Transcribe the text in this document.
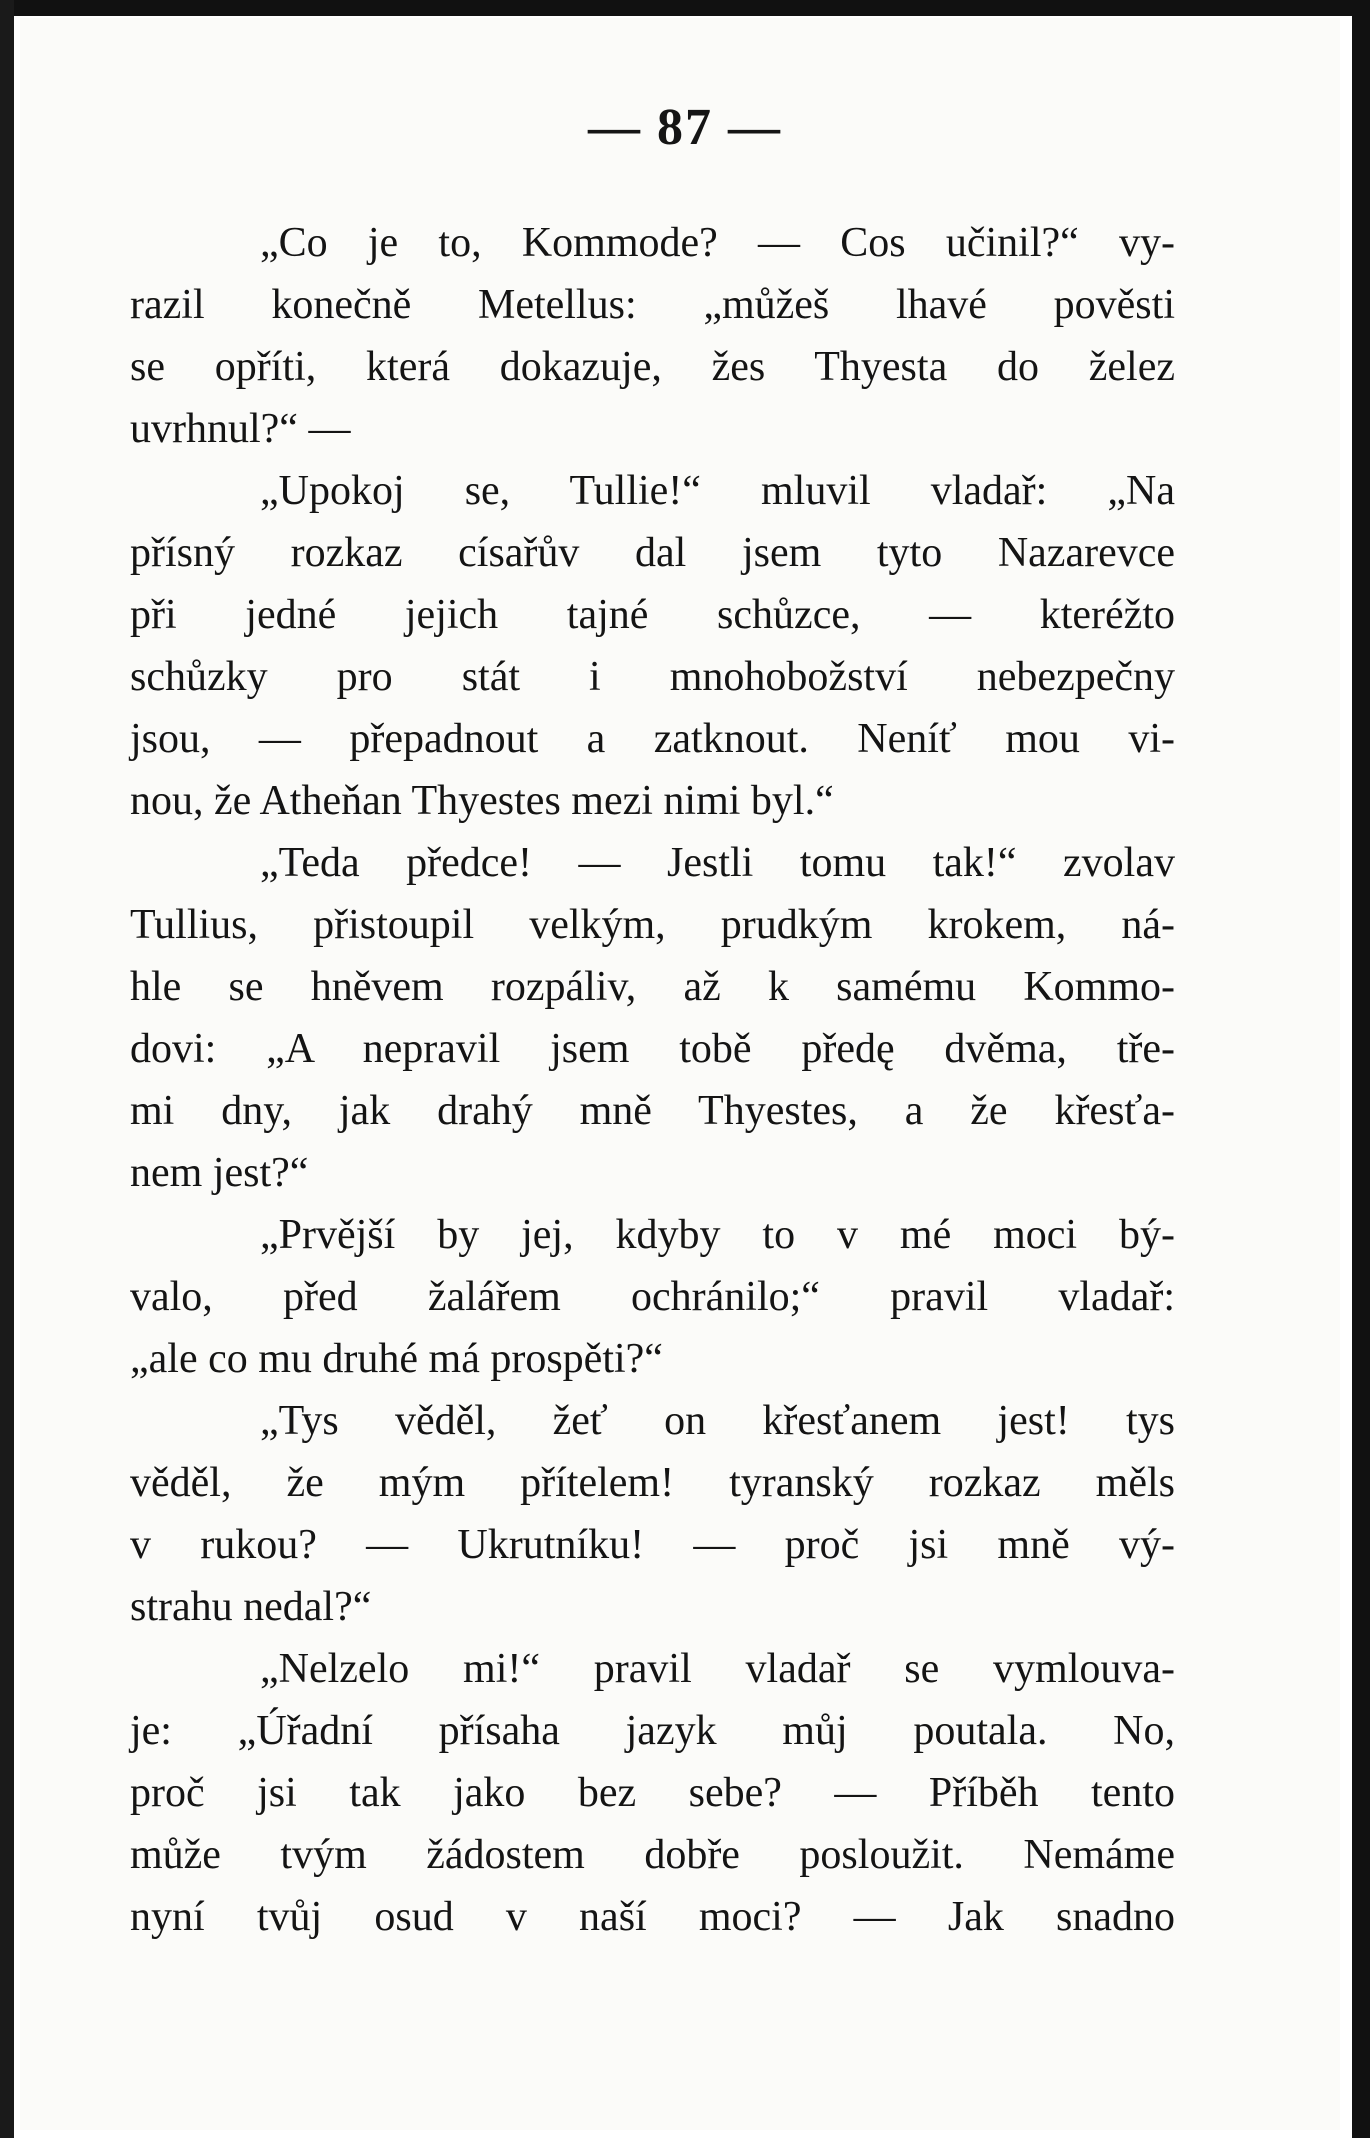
— 87 —
„Co je to, Kommode? — Cos učinil?“ vy-
razil konečně Metellus: „můžeš lhavé pověsti
se opříti, která dokazuje, žes Thyesta do želez
uvrhnul?“ —
„Upokoj se, Tullie!“ mluvil vladař: „Na
přísný rozkaz císařův dal jsem tyto Nazarevce
při jedné jejich tajné schůzce, — kteréžto
schůzky pro stát i mnohobožství nebezpečny
jsou, — přepadnout a zatknout. Neníť mou vi-
nou, že Atheňan Thyestes mezi nimi byl.“
„Teda předce! — Jestli tomu tak!“ zvolav
Tullius, přistoupil velkým, prudkým krokem, ná-
hle se hněvem rozpáliv, až k samému Kommo-
dovi: „A nepravil jsem tobě předę dvěma, tře-
mi dny, jak drahý mně Thyestes, a že křesťa-
nem jest?“
„Prvější by jej, kdyby to v mé moci bý-
valo, před žalářem ochránilo;“ pravil vladař:
„ale co mu druhé má prospěti?“
„Tys věděl, žeť on křesťanem jest! tys
věděl, že mým přítelem! tyranský rozkaz měls
v rukou? — Ukrutníku! — proč jsi mně vý-
strahu nedal?“
„Nelzelo mi!“ pravil vladař se vymlouva-
je: „Úřadní přísaha jazyk můj poutala. No,
proč jsi tak jako bez sebe? — Příběh tento
může tvým žádostem dobře posloužit. Nemáme
nyní tvůj osud v naší moci? — Jak snadno
